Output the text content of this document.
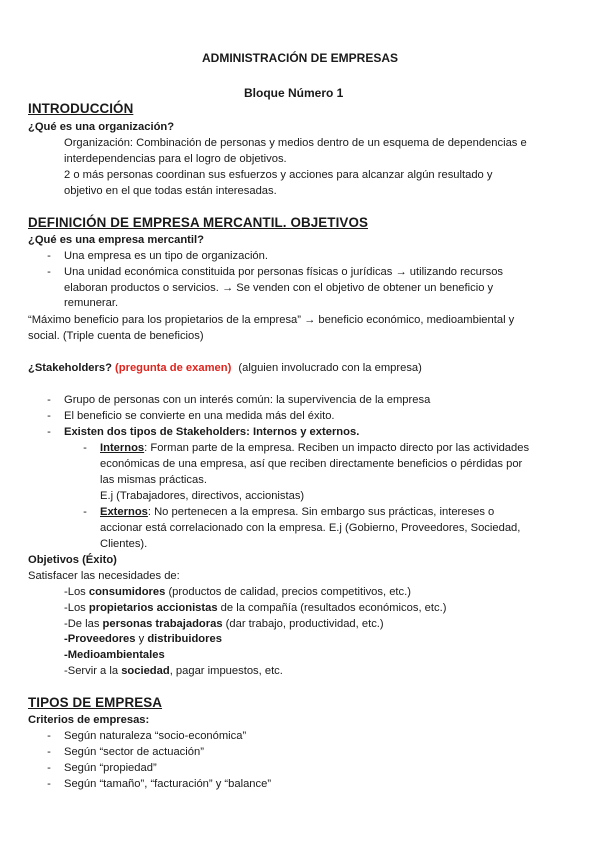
ADMINISTRACIÓN DE EMPRESAS
Bloque Número 1
INTRODUCCIÓN
¿Qué es una organización?
Organización: Combinación de personas y medios dentro de un esquema de dependencias e
interdependencias para el logro de objetivos.
2 o más personas coordinan sus esfuerzos y acciones para alcanzar algún resultado y
objetivo en el que todas están interesadas.
DEFINICIÓN DE EMPRESA MERCANTIL. OBJETIVOS
¿Qué es una empresa mercantil?
- Una empresa es un tipo de organización.
- Una unidad económica constituida por personas físicas o jurídicas → utilizando recursos
elaboran productos o servicios. → Se venden con el objetivo de obtener un beneficio y
remunerar.
“Máximo beneficio para los propietarios de la empresa” → beneficio económico, medioambiental y
social. (Triple cuenta de beneficios)
¿Stakeholders? (pregunta de examen) (alguien involucrado con la empresa)
- Grupo de personas con un interés común: la supervivencia de la empresa
- El beneficio se convierte en una medida más del éxito.
- Existen dos tipos de Stakeholders: Internos y externos.
- Internos: Forman parte de la empresa. Reciben un impacto directo por las actividades
económicas de una empresa, así que reciben directamente beneficios o pérdidas por
las mismas prácticas.
E.j (Trabajadores, directivos, accionistas)
- Externos: No pertenecen a la empresa. Sin embargo sus prácticas, intereses o
accionar está correlacionado con la empresa. E.j (Gobierno, Proveedores, Sociedad,
Clientes).
Objetivos (Éxito)
Satisfacer las necesidades de:
-Los consumidores (productos de calidad, precios competitivos, etc.)
-Los propietarios accionistas de la compañía (resultados económicos, etc.)
-De las personas trabajadoras (dar trabajo, productividad, etc.)
-Proveedores y distribuidores
-Medioambientales
-Servir a la sociedad, pagar impuestos, etc.
TIPOS DE EMPRESA
Criterios de empresas:
- Según naturaleza “socio-económica”
- Según “sector de actuación”
- Según “propiedad”
- Según “tamaño”, “facturación” y “balance”
